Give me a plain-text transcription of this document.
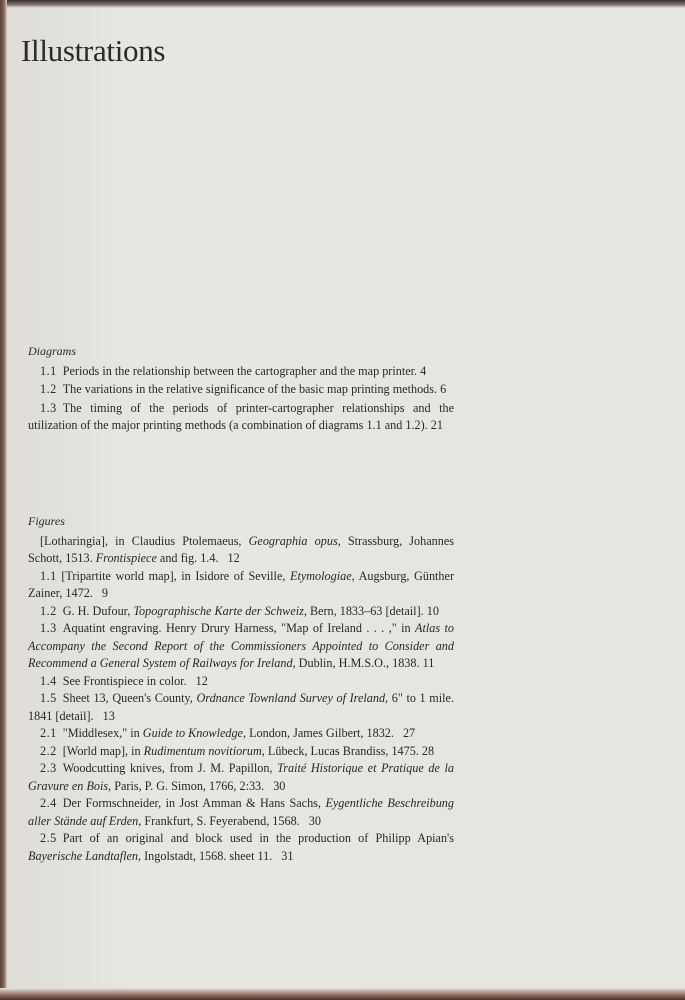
Illustrations

Diagrams

1.1 Periods in the relationship between the cartographer and the map printer. 4

1.2 The variations in the relative significance of the basic map printing methods. 6

1.3 The timing of the periods of printer-cartographer relationships and the utilization of the major printing methods (a combination of diagrams 1.1 and 1.2). 21

Figures

[Lotharingia], in Claudius Ptolemaeus, Geographia opus, Strassburg, Johannes Schott, 1513. Frontispiece and fig. 1.4. 12

1.1 [Tripartite world map], in Isidore of Seville, Etymologiae, Augsburg, Günther Zainer, 1472. 9

1.2 G. H. Dufour, Topographische Karte der Schweiz, Bern, 1833–63 [detail]. 10

1.3 Aquatint engraving. Henry Drury Harness, "Map of Ireland . . . ," in Atlas to Accompany the Second Report of the Commissioners Appointed to Consider and Recommend a General System of Railways for Ireland, Dublin, H.M.S.O., 1838. 11

1.4 See Frontispiece in color. 12

1.5 Sheet 13, Queen's County, Ordnance Townland Survey of Ireland, 6" to 1 mile. 1841 [detail]. 13

2.1 "Middlesex," in Guide to Knowledge, London, James Gilbert, 1832. 27

2.2 [World map], in Rudimentum novitiorum, Lübeck, Lucas Brandiss, 1475. 28

2.3 Woodcutting knives, from J. M. Papillon, Traité Historique et Pratique de la Gravure en Bois, Paris, P. G. Simon, 1766, 2:33. 30

2.4 Der Formschneider, in Jost Amman & Hans Sachs, Eygentliche Beschreibung aller Stände auf Erden, Frankfurt, S. Feyerabend, 1568. 30

2.5 Part of an original and block used in the production of Philipp Apian's Bayerische Landtaflen, Ingolstadt, 1568. sheet 11. 31
